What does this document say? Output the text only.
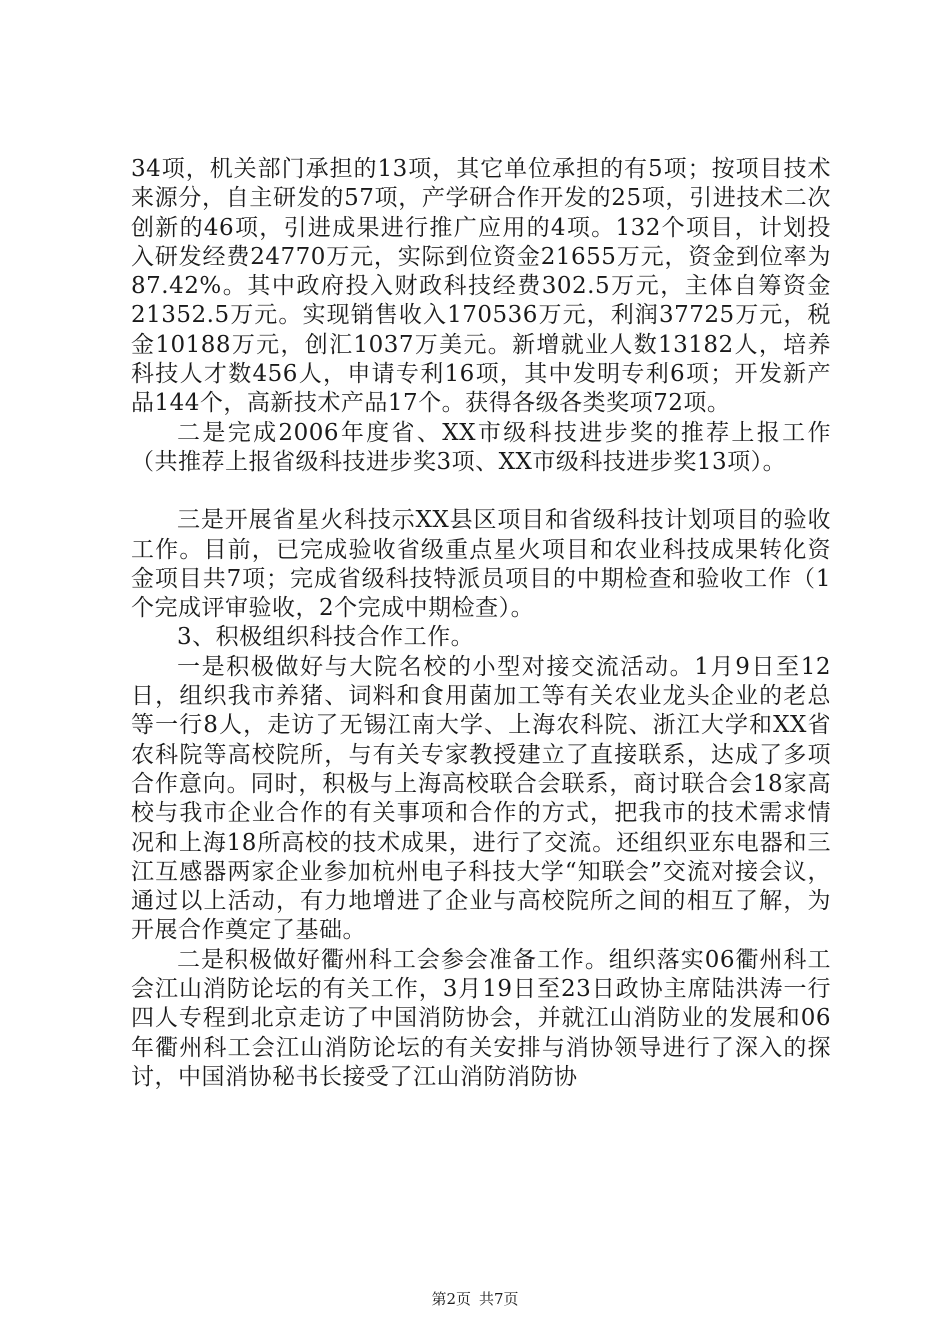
34项，机关部门承担的13项，其它单位承担的有5项；按项目技术来源分，自主研发的57项，产学研合作开发的25项，引进技术二次创新的46项，引进成果进行推广应用的4项。132个项目，计划投入研发经费24770万元，实际到位资金21655万元，资金到位率为87.42%。其中政府投入财政科技经费302.5万元，主体自筹资金21352.5万元。实现销售收入170536万元，利润37725万元，税金10188万元，创汇1037万美元。新增就业人数13182人，培养科技人才数456人，申请专利16项，其中发明专利6项；开发新产品144个，高新技术产品17个。获得各级各类奖项72项。

二是完成2006年度省、XX市级科技进步奖的推荐上报工作（共推荐上报省级科技进步奖3项、XX市级科技进步奖13项）。

三是开展省星火科技示XX县区项目和省级科技计划项目的验收工作。目前，已完成验收省级重点星火项目和农业科技成果转化资金项目共7项；完成省级科技特派员项目的中期检查和验收工作（1个完成评审验收，2个完成中期检查）。

3、积极组织科技合作工作。

一是积极做好与大院名校的小型对接交流活动。1月9日至12日，组织我市养猪、词料和食用菌加工等有关农业龙头企业的老总等一行8人，走访了无锡江南大学、上海农科院、浙江大学和XX省农科院等高校院所，与有关专家教授建立了直接联系，达成了多项合作意向。同时，积极与上海高校联合会联系，商讨联合会18家高校与我市企业合作的有关事项和合作的方式，把我市的技术需求情况和上海18所高校的技术成果，进行了交流。还组织亚东电器和三江互感器两家企业参加杭州电子科技大学“知联会”交流对接会议，通过以上活动，有力地增进了企业与高校院所之间的相互了解，为开展合作奠定了基础。

二是积极做好衢州科工会参会准备工作。组织落实06衢州科工会江山消防论坛的有关工作，3月19日至23日政协主席陆洪涛一行四人专程到北京走访了中国消防协会，并就江山消防业的发展和06年衢州科工会江山消防论坛的有关安排与消协领导进行了深入的探讨，中国消协秘书长接受了江山消防消防协

第2页 共7页
